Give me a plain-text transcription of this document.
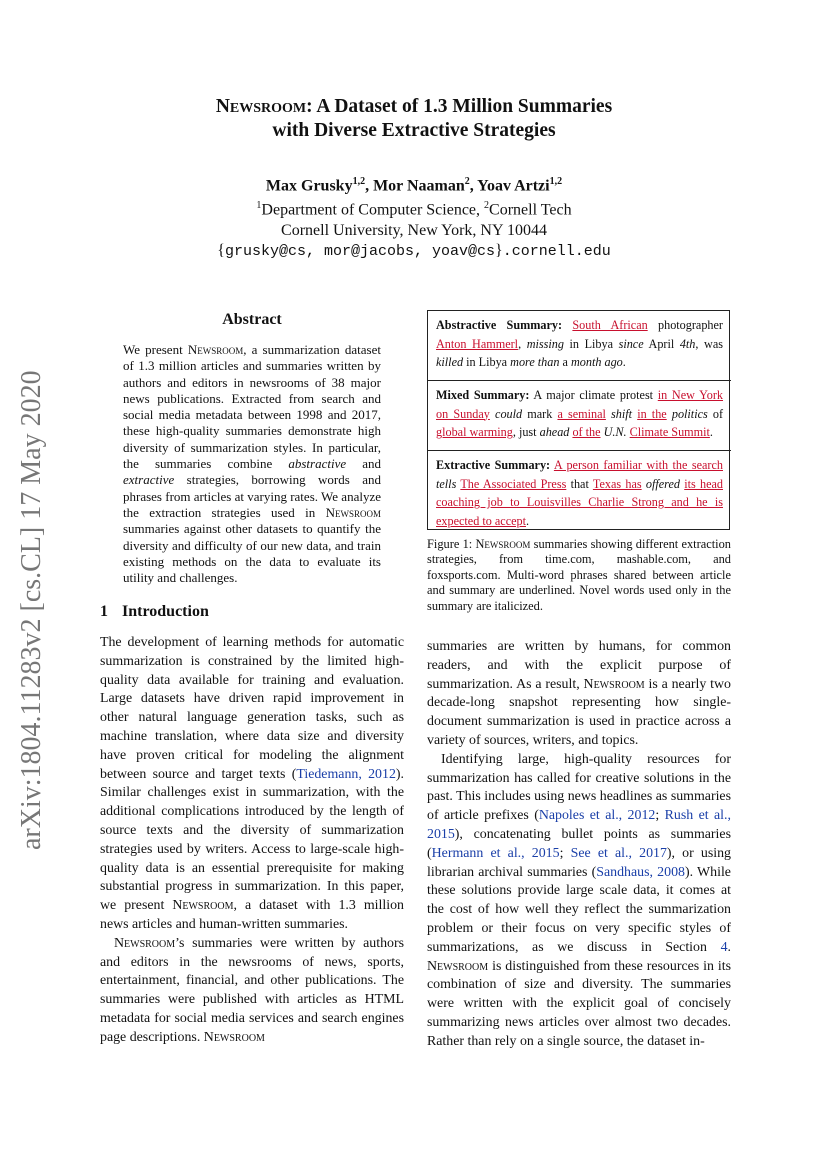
arXiv:1804.11283v2 [cs.CL] 17 May 2020
Newsroom: A Dataset of 1.3 Million Summaries
with Diverse Extractive Strategies
Max Grusky$^{1,2}$, Mor Naaman$^2$, Yoav Artzi$^{1,2}$
$^1$Department of Computer Science, $^2$Cornell Tech
Cornell University, New York, NY 10044
{grusky@cs, mor@jacobs, yoav@cs}.cornell.edu
Abstract
We present Newsroom, a summarization dataset of 1.3 million articles and summaries written by authors and editors in newsrooms of 38 major news publications. Extracted from search and social media metadata between 1998 and 2017, these high-quality summaries demonstrate high diversity of summarization styles. In particular, the summaries combine abstractive and extractive strategies, borrowing words and phrases from articles at varying rates. We analyze the extraction strategies used in Newsroom summaries against other datasets to quantify the diversity and difficulty of our new data, and train existing methods on the data to evaluate its utility and challenges.
1 Introduction

The development of learning methods for automatic summarization is constrained by the limited high-quality data available for training and evaluation. Large datasets have driven rapid improvement in other natural language generation tasks, such as machine translation, where data size and diversity have proven critical for modeling the alignment between source and target texts (Tiedemann, 2012). Similar challenges exist in summarization, with the additional complications introduced by the length of source texts and the diversity of summarization strategies used by writers. Access to large-scale high-quality data is an essential prerequisite for making substantial progress in summarization. In this paper, we present Newsroom, a dataset with 1.3 million news articles and human-written summaries.

Newsroom’s summaries were written by authors and editors in the newsrooms of news, sports, entertainment, financial, and other publications. The summaries were published with articles as HTML metadata for social media services and search engines page descriptions. Newsroom

Abstractive Summary: South African photographer Anton Hammerl, missing in Libya since April 4th, was killed in Libya more than a month ago.
Mixed Summary: A major climate protest in New York on Sunday could mark a seminal shift in the politics of global warming, just ahead of the U.N. Climate Summit.
Extractive Summary: A person familiar with the search tells The Associated Press that Texas has offered its head coaching job to Louisvilles Charlie Strong and he is expected to accept.
Figure 1: Newsroom summaries showing different extraction strategies, from time.com, mashable.com, and foxsports.com. Multi-word phrases shared between article and summary are underlined. Novel words used only in the summary are italicized.

summaries are written by humans, for common readers, and with the explicit purpose of summarization. As a result, Newsroom is a nearly two decade-long snapshot representing how single-document summarization is used in practice across a variety of sources, writers, and topics.

Identifying large, high-quality resources for summarization has called for creative solutions in the past. This includes using news headlines as summaries of article prefixes (Napoles et al., 2012; Rush et al., 2015), concatenating bullet points as summaries (Hermann et al., 2015; See et al., 2017), or using librarian archival summaries (Sandhaus, 2008). While these solutions provide large scale data, it comes at the cost of how well they reflect the summarization problem or their focus on very specific styles of summarizations, as we discuss in Section 4. Newsroom is distinguished from these resources in its combination of size and diversity. The summaries were written with the explicit goal of concisely summarizing news articles over almost two decades. Rather than rely on a single source, the dataset in-
